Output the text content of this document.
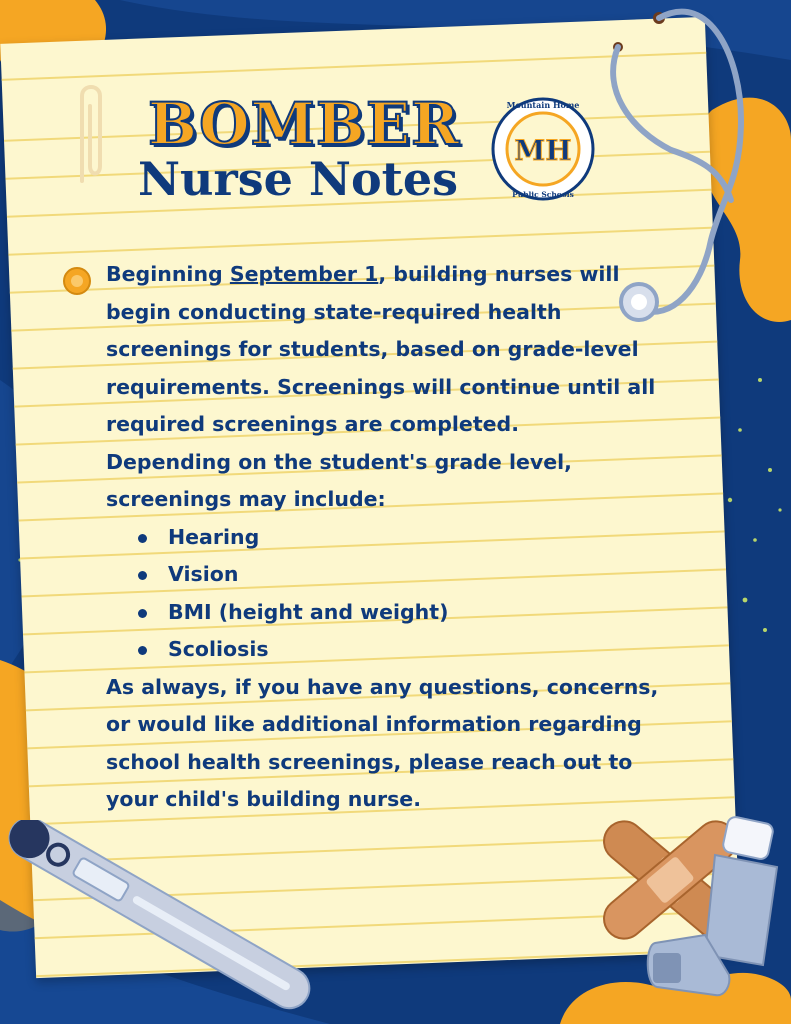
BOMBER
Nurse Notes
Mountain Home
MH
Public Schools

Beginning September 1, building nurses will begin conducting state-required health screenings for students, based on grade-level requirements. Screenings will continue until all required screenings are completed.

Depending on the student's grade level, screenings may include:

Hearing
Vision
BMI (height and weight)
Scoliosis

As always, if you have any questions, concerns, or would like additional information regarding school health screenings, please reach out to your child's building nurse.
